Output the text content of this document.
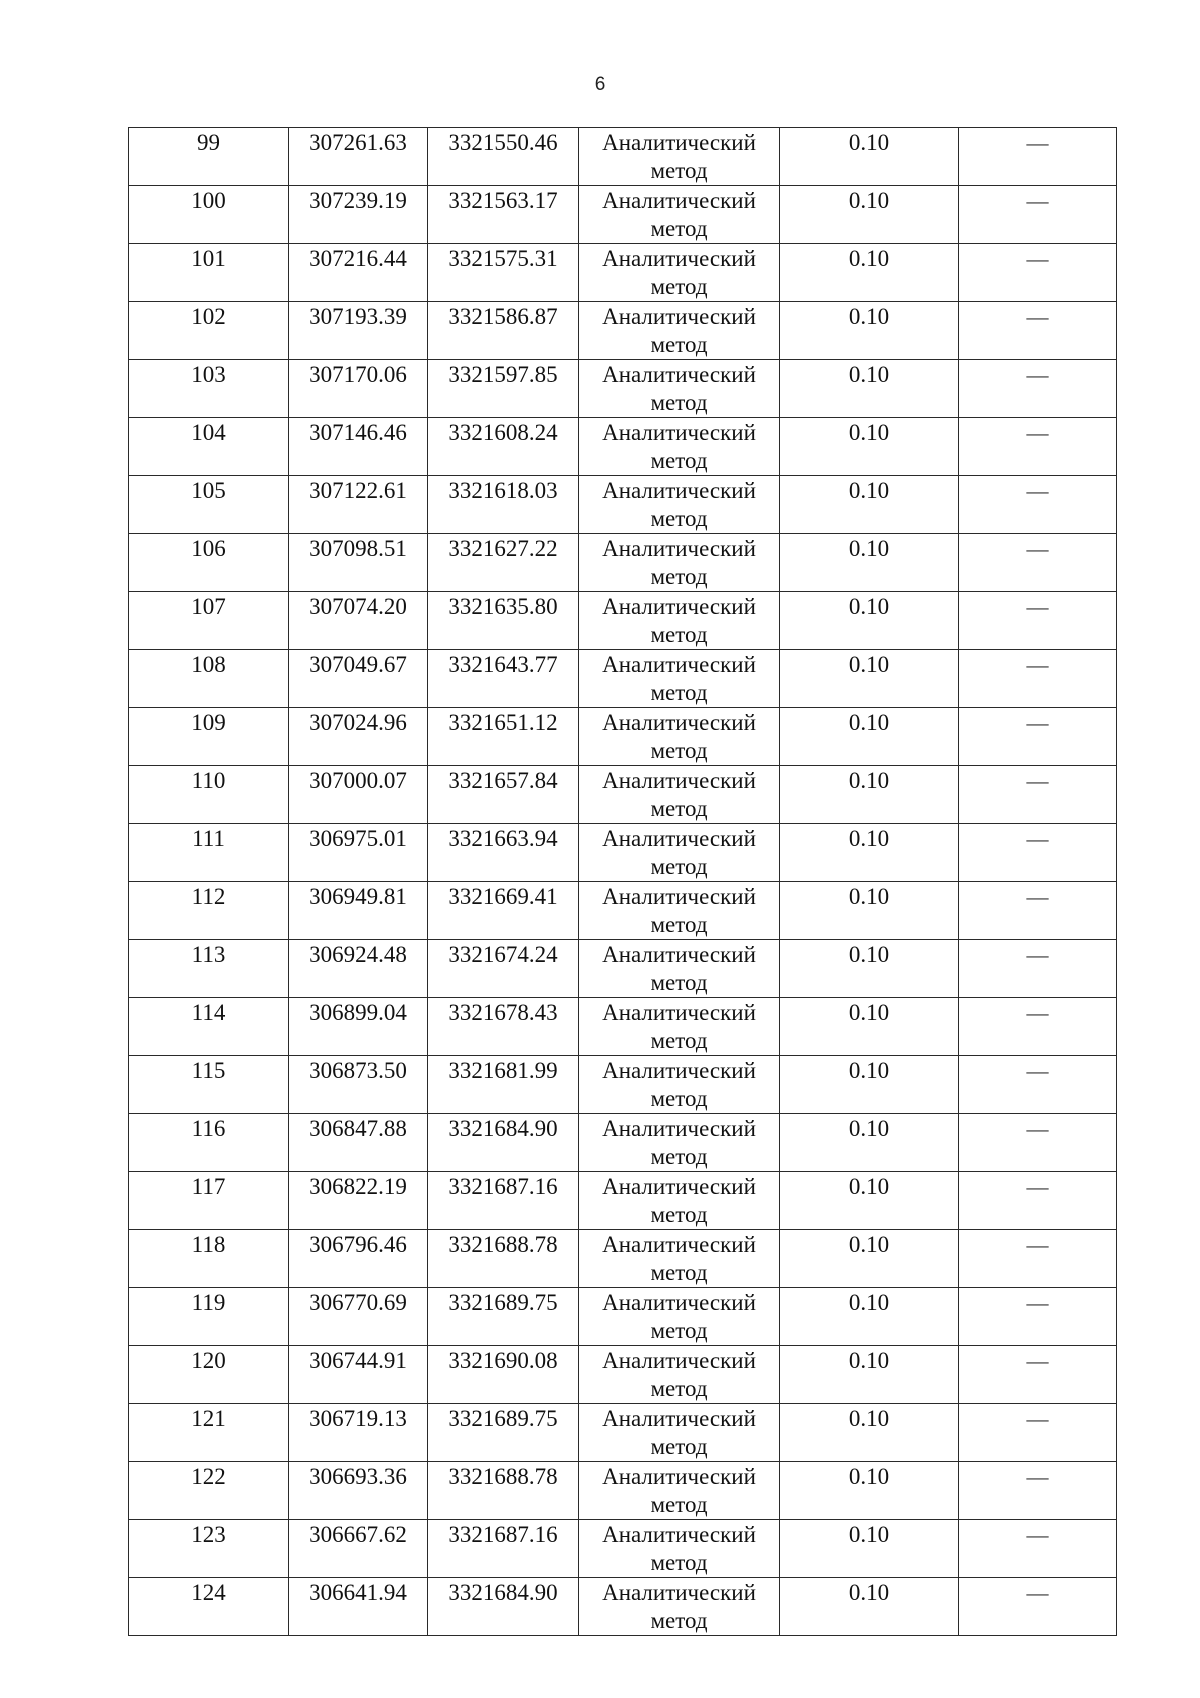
6
99	307261.63	3321550.46	Аналитический метод	0.10	—

100	307239.19	3321563.17	Аналитический метод	0.10	—

101	307216.44	3321575.31	Аналитический метод	0.10	—

102	307193.39	3321586.87	Аналитический метод	0.10	—

103	307170.06	3321597.85	Аналитический метод	0.10	—

104	307146.46	3321608.24	Аналитический метод	0.10	—

105	307122.61	3321618.03	Аналитический метод	0.10	—

106	307098.51	3321627.22	Аналитический метод	0.10	—

107	307074.20	3321635.80	Аналитический метод	0.10	—

108	307049.67	3321643.77	Аналитический метод	0.10	—

109	307024.96	3321651.12	Аналитический метод	0.10	—

110	307000.07	3321657.84	Аналитический метод	0.10	—

111	306975.01	3321663.94	Аналитический метод	0.10	—

112	306949.81	3321669.41	Аналитический метод	0.10	—

113	306924.48	3321674.24	Аналитический метод	0.10	—

114	306899.04	3321678.43	Аналитический метод	0.10	—

115	306873.50	3321681.99	Аналитический метод	0.10	—

116	306847.88	3321684.90	Аналитический метод	0.10	—

117	306822.19	3321687.16	Аналитический метод	0.10	—

118	306796.46	3321688.78	Аналитический метод	0.10	—

119	306770.69	3321689.75	Аналитический метод	0.10	—

120	306744.91	3321690.08	Аналитический метод	0.10	—

121	306719.13	3321689.75	Аналитический метод	0.10	—

122	306693.36	3321688.78	Аналитический метод	0.10	—

123	306667.62	3321687.16	Аналитический метод	0.10	—

124	306641.94	3321684.90	Аналитический метод	0.10	—
